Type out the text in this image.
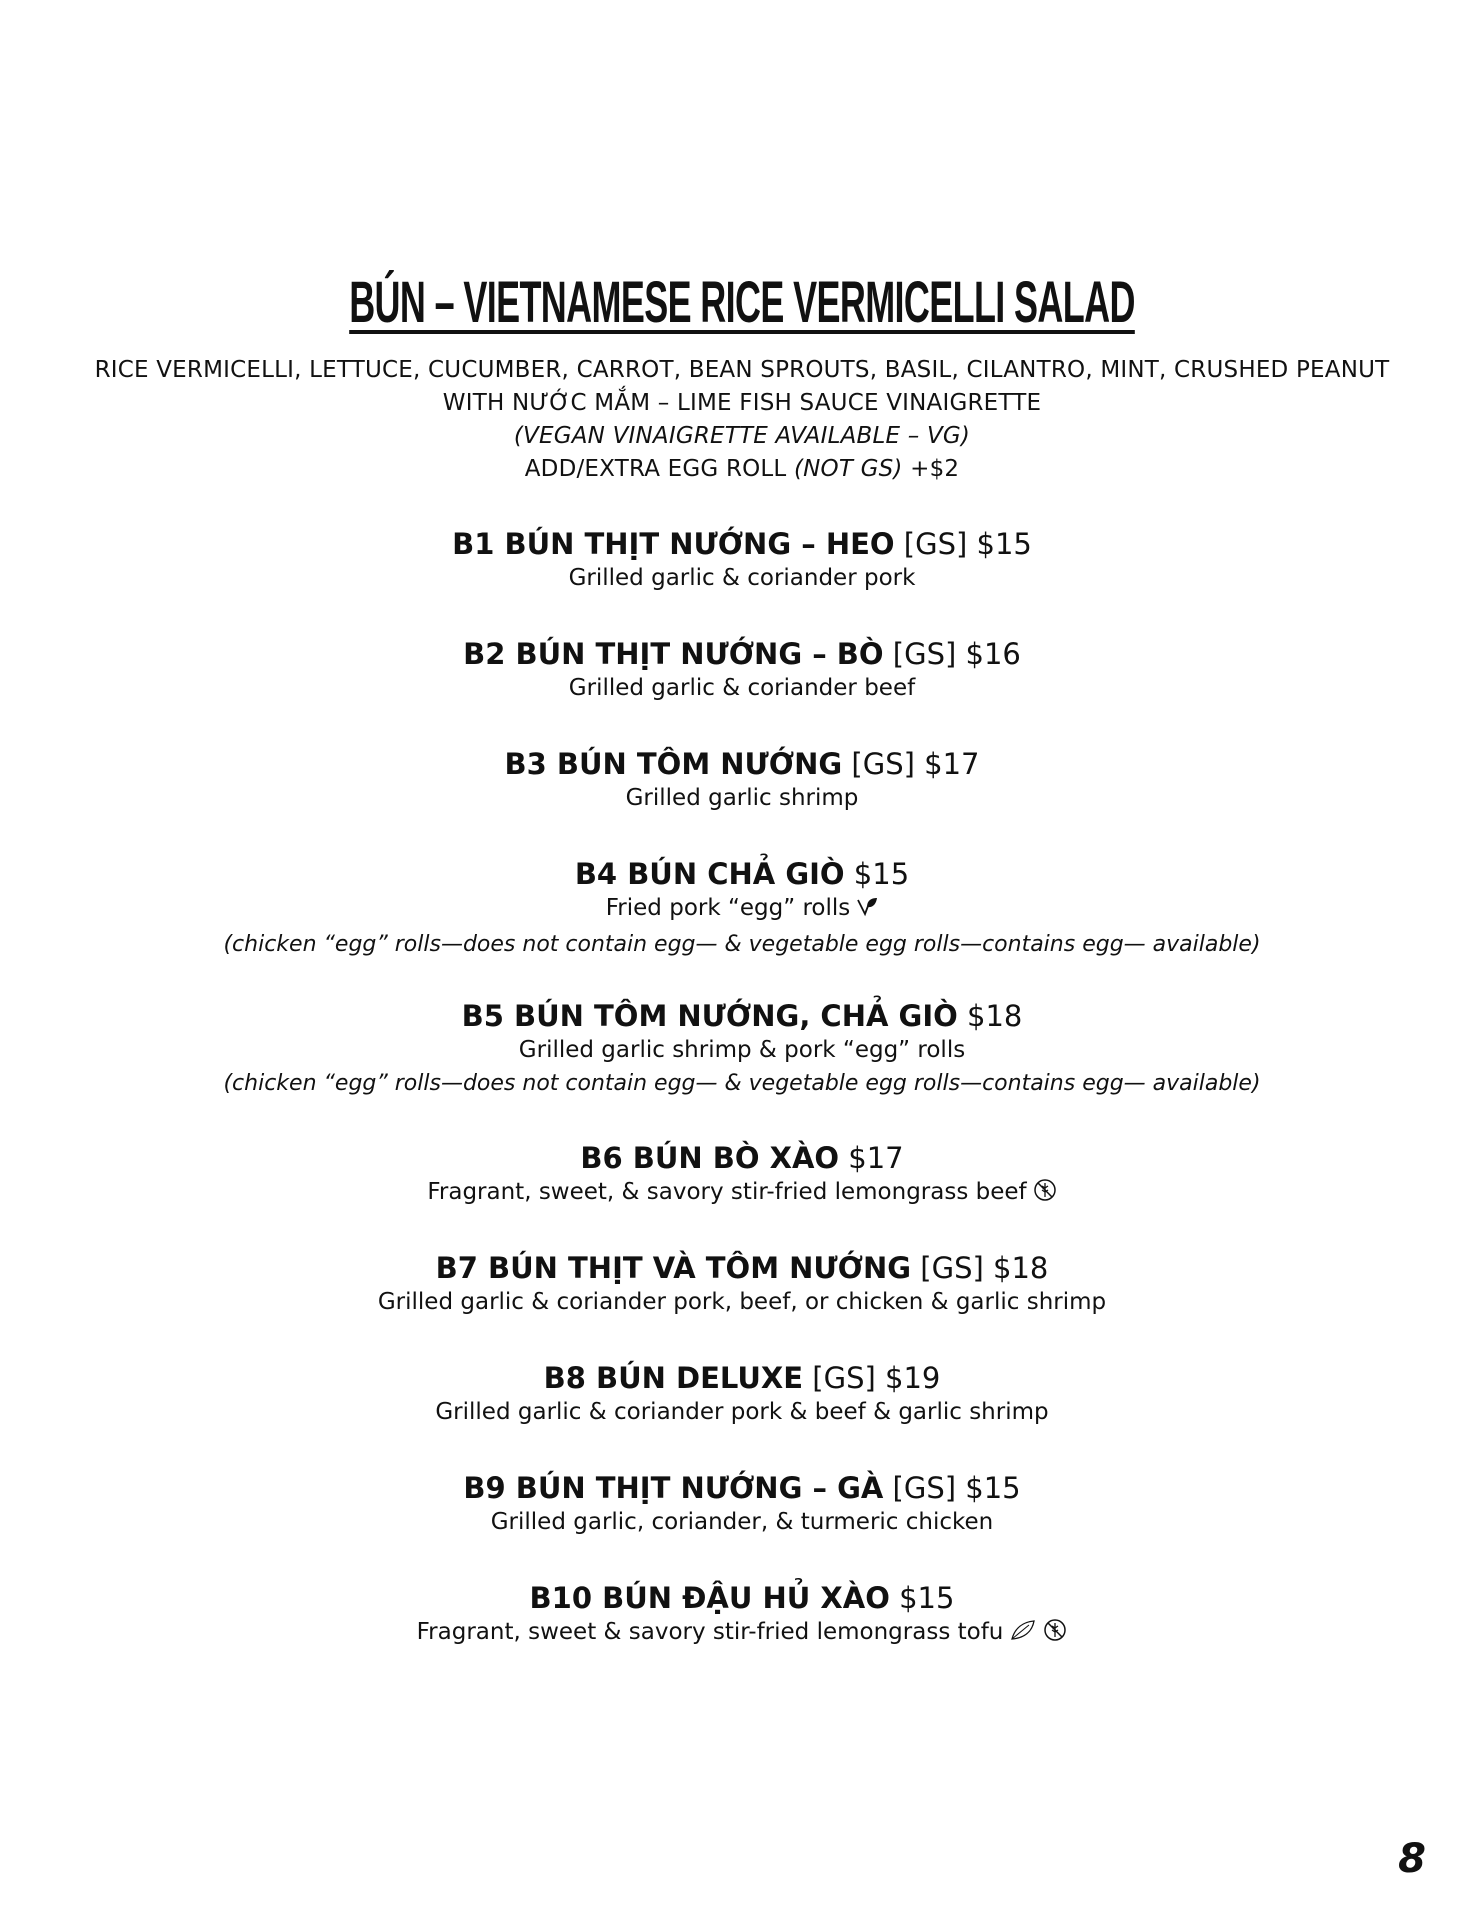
BÚN – VIETNAMESE RICE VERMICELLI SALAD
RICE VERMICELLI, LETTUCE, CUCUMBER, CARROT, BEAN SPROUTS, BASIL, CILANTRO, MINT, CRUSHED PEANUT
WITH NƯỚC MẮM – LIME FISH SAUCE VINAIGRETTE
(VEGAN VINAIGRETTE AVAILABLE – VG)
ADD/EXTRA EGG ROLL (NOT GS) +$2
B1 BÚN THỊT NƯỚNG – HEO [GS] $15
Grilled garlic & coriander pork
B2 BÚN THỊT NƯỚNG – BÒ [GS] $16
Grilled garlic & coriander beef
B3 BÚN TÔM NƯỚNG [GS] $17
Grilled garlic shrimp
B4 BÚN CHẢ GIÒ $15
Fried pork “egg” rolls
(chicken “egg” rolls—does not contain egg— & vegetable egg rolls—contains egg— available)
B5 BÚN TÔM NƯỚNG, CHẢ GIÒ $18
Grilled garlic shrimp & pork “egg” rolls
(chicken “egg” rolls—does not contain egg— & vegetable egg rolls—contains egg— available)
B6 BÚN BÒ XÀO $17
Fragrant, sweet, & savory stir-fried lemongrass beef
B7 BÚN THỊT VÀ TÔM NƯỚNG [GS] $18
Grilled garlic & coriander pork, beef, or chicken & garlic shrimp
B8 BÚN DELUXE [GS] $19
Grilled garlic & coriander pork & beef & garlic shrimp
B9 BÚN THỊT NƯỚNG – GÀ [GS] $15
Grilled garlic, coriander, & turmeric chicken
B10 BÚN ĐẬU HỦ XÀO $15
Fragrant, sweet & savory stir-fried lemongrass tofu
8
